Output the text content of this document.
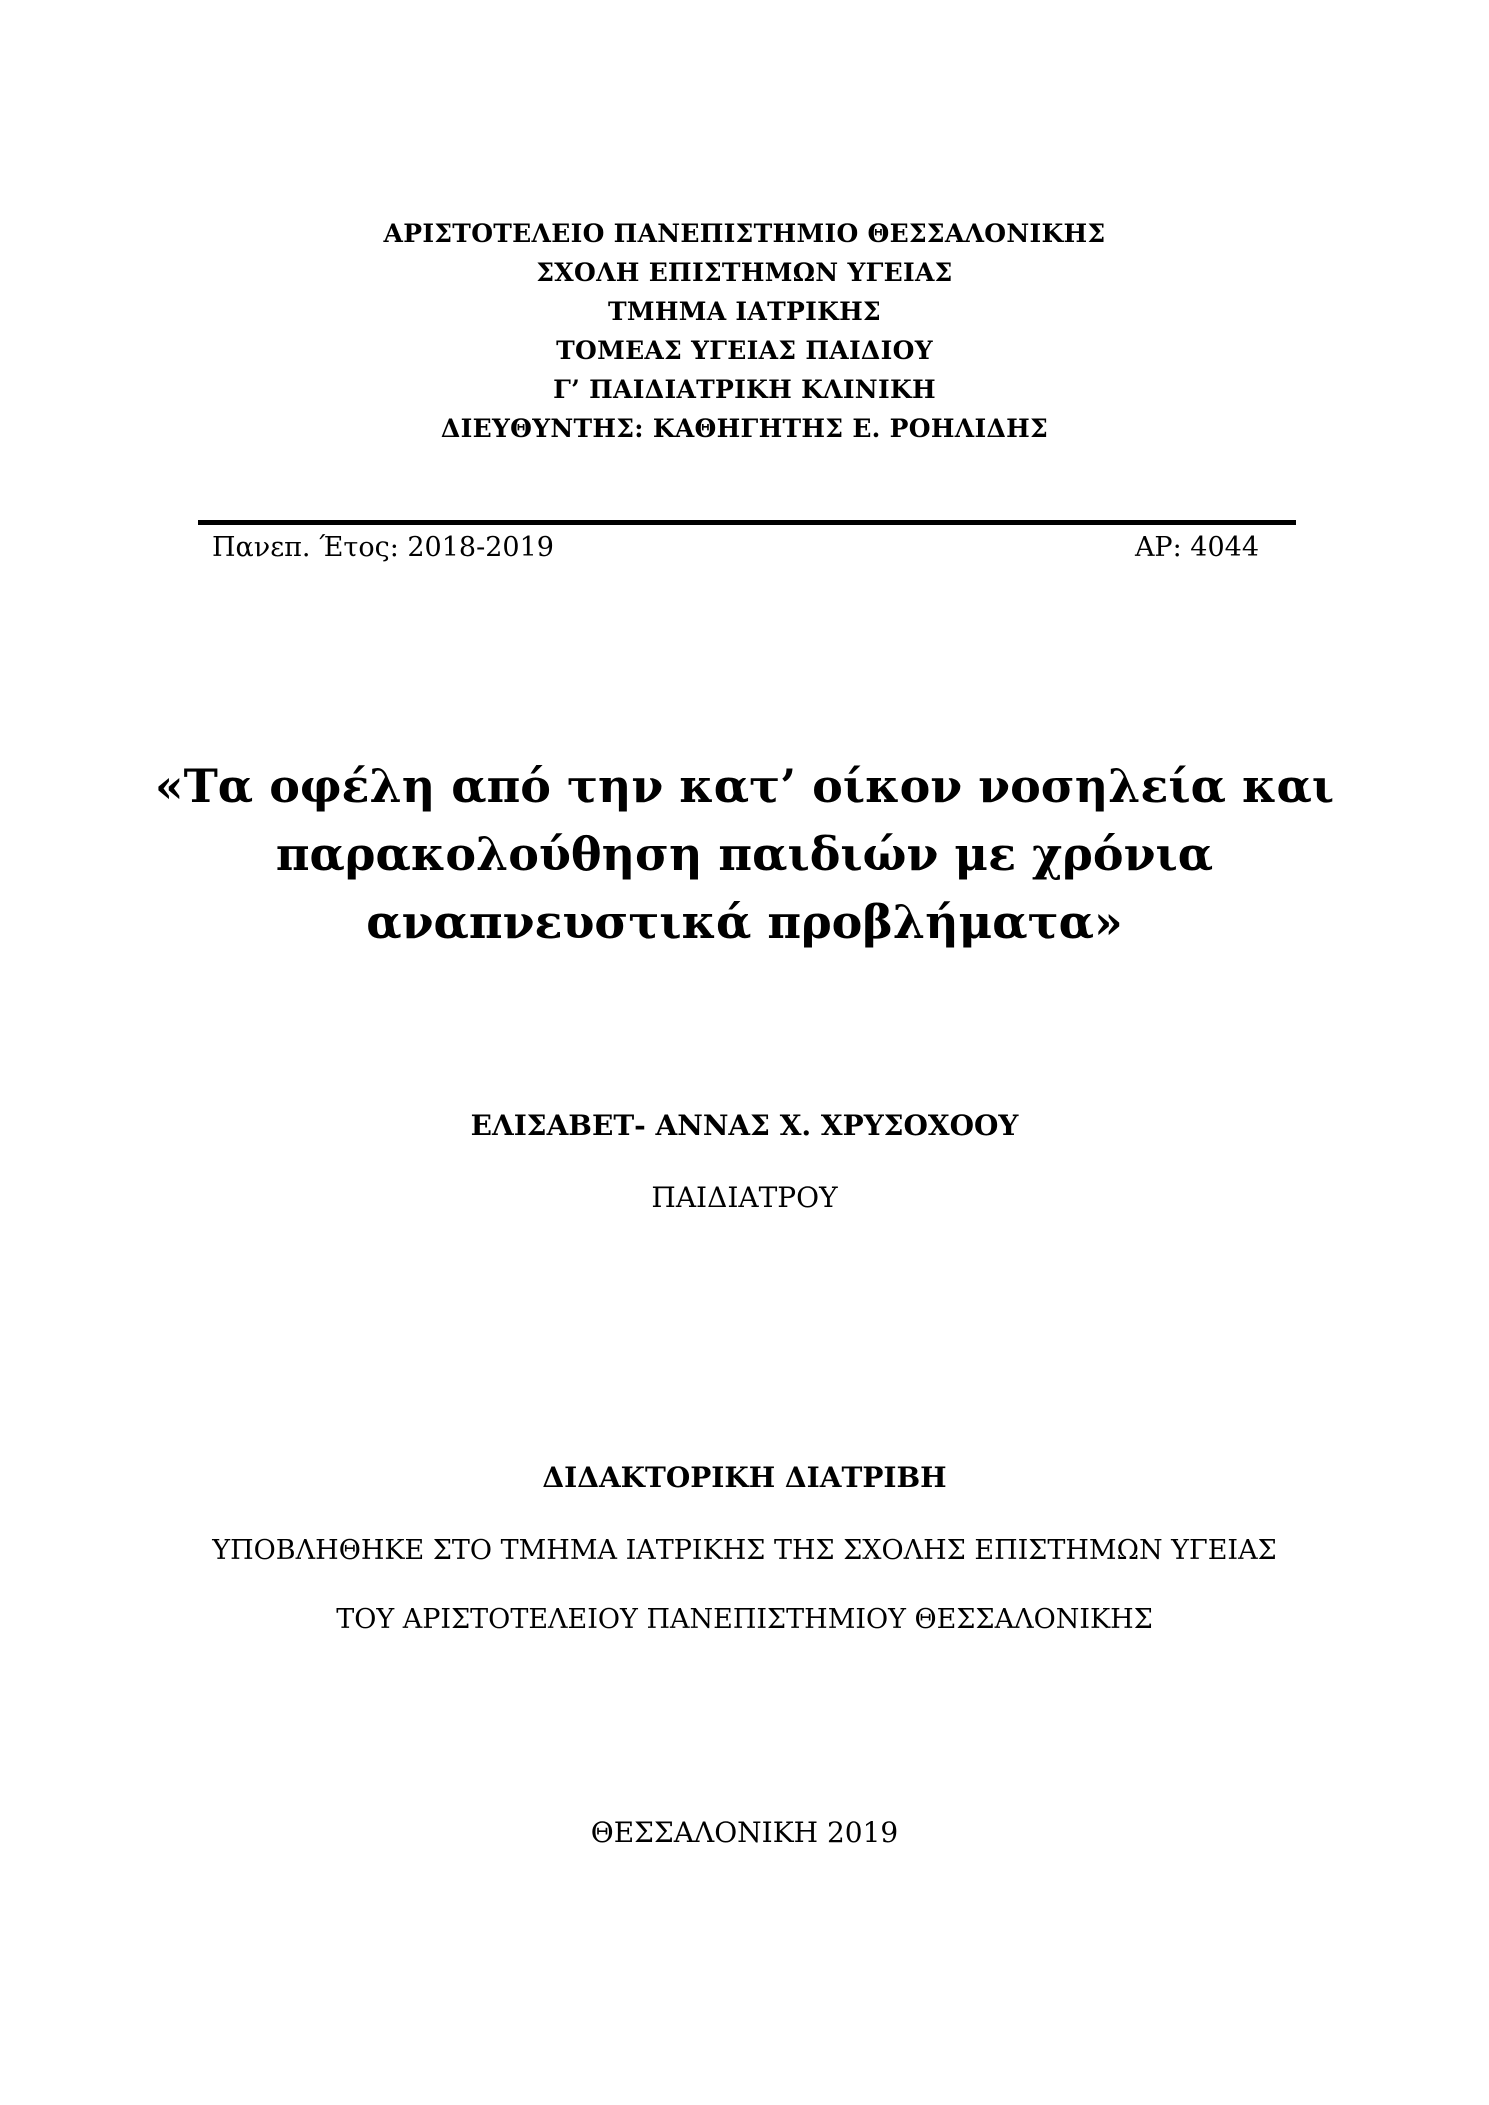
ΑΡΙΣΤΟΤΕΛΕΙΟ ΠΑΝΕΠΙΣΤΗΜΙΟ ΘΕΣΣΑΛΟΝΙΚΗΣ
ΣΧΟΛΗ ΕΠΙΣΤΗΜΩΝ ΥΓΕΙΑΣ
ΤΜΗΜΑ ΙΑΤΡΙΚΗΣ
ΤΟΜΕΑΣ ΥΓΕΙΑΣ ΠΑΙΔΙΟΥ
Γ’ ΠΑΙΔΙΑΤΡΙΚΗ ΚΛΙΝΙΚΗ
ΔΙΕΥΘΥΝΤΗΣ: ΚΑΘΗΓΗΤΗΣ Ε. ΡΟΗΛΙΔΗΣ
Πανεπ. Έτος: 2018-2019	ΑΡ: 4044
«Τα οφέλη από την κατ’ οίκον νοσηλεία και
παρακολούθηση παιδιών με χρόνια
αναπνευστικά προβλήματα»
ΕΛΙΣΑΒΕΤ- ΑΝΝΑΣ Χ. ΧΡΥΣΟΧΟΟΥ
ΠΑΙΔΙΑΤΡΟΥ
ΔΙΔΑΚΤΟΡΙΚΗ ΔΙΑΤΡΙΒΗ
ΥΠΟΒΛΗΘΗΚΕ ΣΤΟ ΤΜΗΜΑ ΙΑΤΡΙΚΗΣ ΤΗΣ ΣΧΟΛΗΣ ΕΠΙΣΤΗΜΩΝ ΥΓΕΙΑΣ
ΤΟΥ ΑΡΙΣΤΟΤΕΛΕΙΟΥ ΠΑΝΕΠΙΣΤΗΜΙΟΥ ΘΕΣΣΑΛΟΝΙΚΗΣ
ΘΕΣΣΑΛΟΝΙΚΗ 2019
